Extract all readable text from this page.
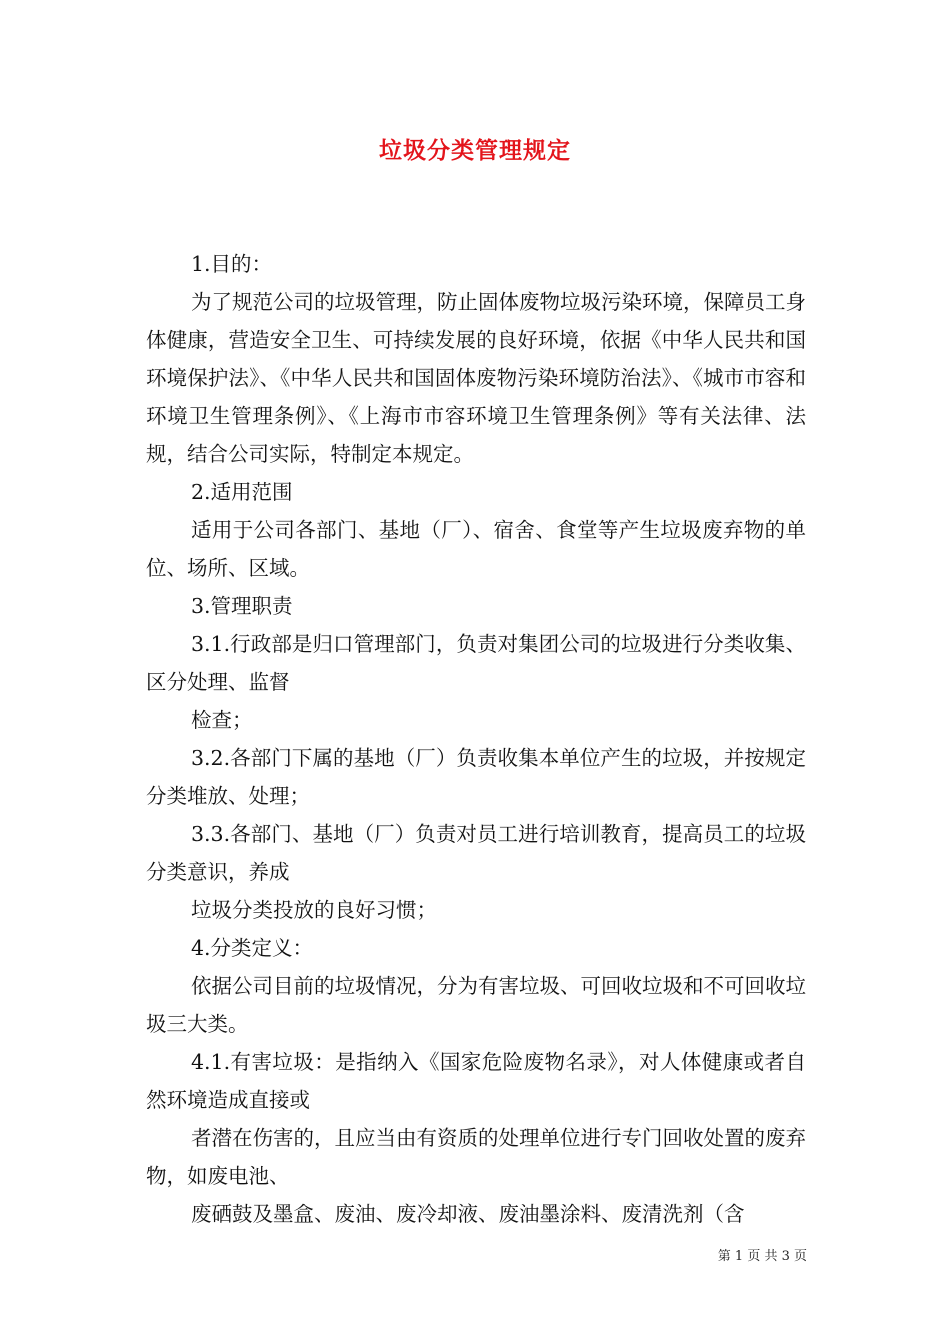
垃圾分类管理规定

1.目的：

为了规范公司的垃圾管理，防止固体废物垃圾污染环境，保障员工身体健康，营造安全卫生、可持续发展的良好环境，依据《中华人民共和国环境保护法》、《中华人民共和国固体废物污染环境防治法》、《城市市容和环境卫生管理条例》、《上海市市容环境卫生管理条例》等有关法律、法规，结合公司实际，特制定本规定。

2.适用范围

适用于公司各部门、基地（厂）、宿舍、食堂等产生垃圾废弃物的单位、场所、区域。

3.管理职责

3.1.行政部是归口管理部门，负责对集团公司的垃圾进行分类收集、区分处理、监督

检查；

3.2.各部门下属的基地（厂）负责收集本单位产生的垃圾，并按规定分类堆放、处理；

3.3.各部门、基地（厂）负责对员工进行培训教育，提高员工的垃圾分类意识，养成

垃圾分类投放的良好习惯；

4.分类定义：

依据公司目前的垃圾情况，分为有害垃圾、可回收垃圾和不可回收垃圾三大类。

4.1.有害垃圾：是指纳入《国家危险废物名录》，对人体健康或者自然环境造成直接或

者潜在伤害的，且应当由有资质的处理单位进行专门回收处置的废弃物，如废电池、

废硒鼓及墨盒、废油、废冷却液、废油墨涂料、废清洗剂（含

第 1 页 共 3 页
